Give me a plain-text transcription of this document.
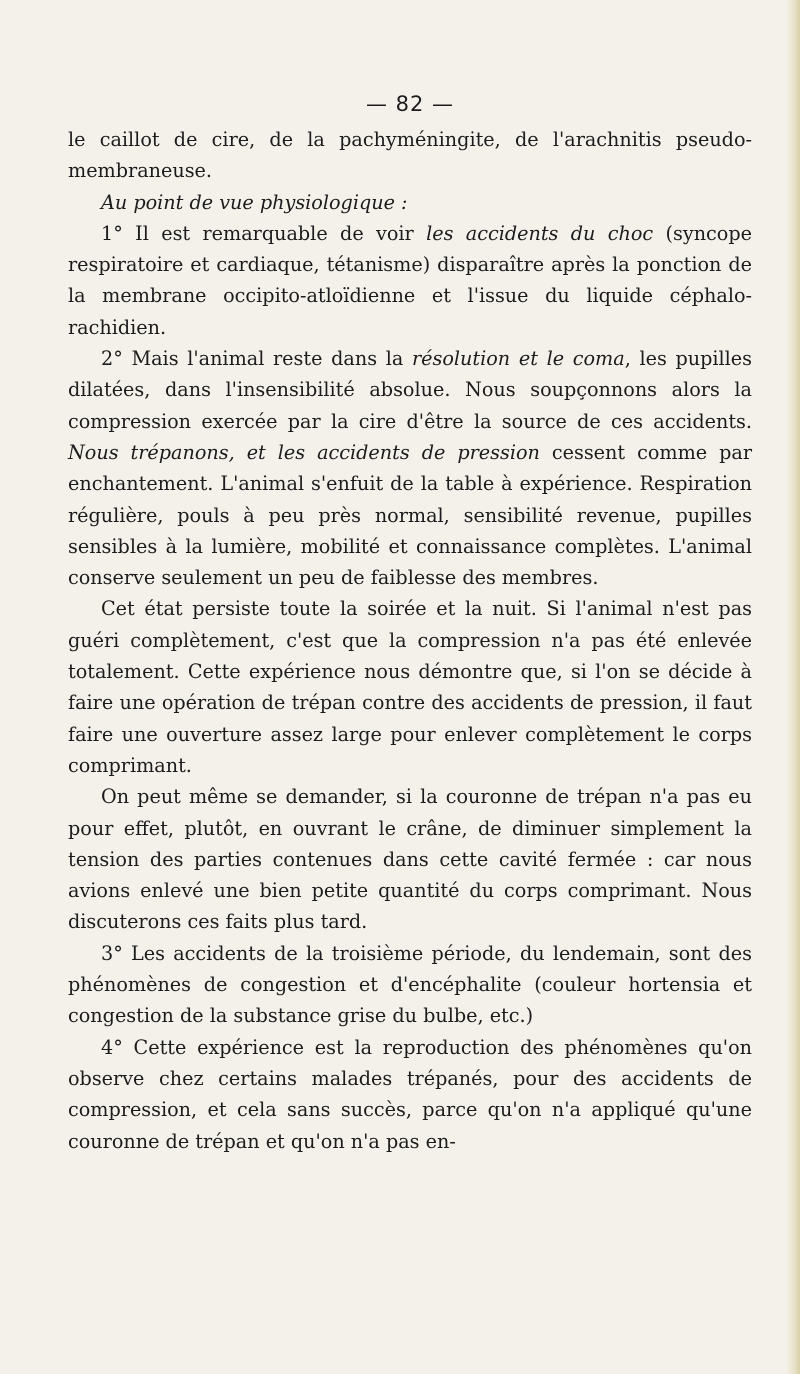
— 82 —

le caillot de cire, de la pachyméningite, de l'arachnitis pseudo-membraneuse.

Au point de vue physiologique :

1° Il est remarquable de voir les accidents du choc (syncope respiratoire et cardiaque, tétanisme) disparaître après la ponction de la membrane occipito-atloïdienne et l'issue du liquide céphalo-rachidien.

2° Mais l'animal reste dans la résolution et le coma, les pupilles dilatées, dans l'insensibilité absolue. Nous soupçonnons alors la compression exercée par la cire d'être la source de ces accidents. Nous trépanons, et les accidents de pression cessent comme par enchantement. L'animal s'enfuit de la table à expérience. Respiration régulière, pouls à peu près normal, sensibilité revenue, pupilles sensibles à la lumière, mobilité et connaissance complètes. L'animal conserve seulement un peu de faiblesse des membres.

Cet état persiste toute la soirée et la nuit. Si l'animal n'est pas guéri complètement, c'est que la compression n'a pas été enlevée totalement. Cette expérience nous démontre que, si l'on se décide à faire une opération de trépan contre des accidents de pression, il faut faire une ouverture assez large pour enlever complètement le corps comprimant.

On peut même se demander, si la couronne de trépan n'a pas eu pour effet, plutôt, en ouvrant le crâne, de diminuer simplement la tension des parties contenues dans cette cavité fermée : car nous avions enlevé une bien petite quantité du corps comprimant. Nous discuterons ces faits plus tard.

3° Les accidents de la troisième période, du lendemain, sont des phénomènes de congestion et d'encéphalite (couleur hortensia et congestion de la substance grise du bulbe, etc.)

4° Cette expérience est la reproduction des phénomènes qu'on observe chez certains malades trépanés, pour des accidents de compression, et cela sans succès, parce qu'on n'a appliqué qu'une couronne de trépan et qu'on n'a pas en-
